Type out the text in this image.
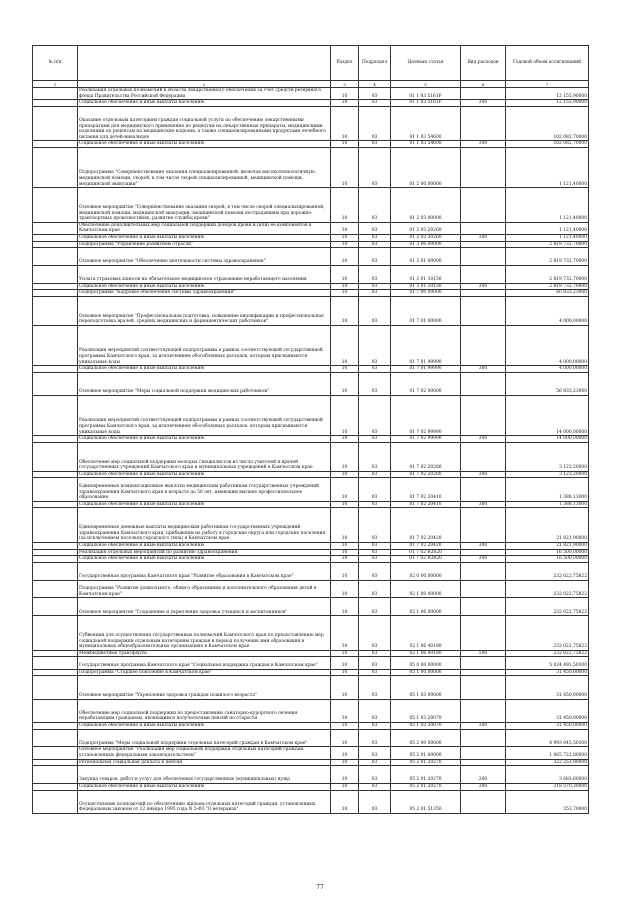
№ п/п		Раздел	Подраздел	Целевая статья	Вид расходов	Годовой объем ассигнований
1	2	3	4	5	6	7
	Реализация отдельных полномочий в области лекарственного обеспечения за счет средств резервного фонда Правительства Российской Федерации	10	03	01 1 03 5161F		12 155,90000
	Социальное обеспечение и иные выплаты населению	10	03	01 1 03 5161F	300	12 155,90000
	Оказание отдельным категориям граждан социальной услуги по обеспечению лекарственными препаратами для медицинского применения по рецептам на лекарственные препараты, медицинскими изделиями по рецептам на медицинские изделия, а также специализированными продуктами лечебного питания для детей-инвалидов	10	03	01 1 03 54600		102 082,70000
	Социальное обеспечение и иные выплаты населению	10	03	01 1 03 54600	300	102 082,70000
	Подпрограмма "Совершенствование оказания специализированной, включая высокотехнологичную, медицинской помощи, скорой, в том числе скорой специализированной, медицинской помощи, медицинской эвакуации"	10	03	01 2 00 00000		1 121,40000
	Основное мероприятие "Совершенствование оказания скорой, в том числе скорой специализированной, медицинской помощи, медицинской эвакуации, медицинской помощи пострадавшим при дорожно-транспортных происшествиях, развитие службы крови"	10	03	01 2 03 00000		1 121,40000
	Обеспечение дополнительных мер социальной поддержки доноров крови и (или) ее компонентов в Камчатском крае	10	03	01 2 03 20260		1 121,40000
	Социальное обеспечение и иные выплаты населению	10	03	01 2 03 20260	300	1 121,40000
	Подпрограмма "Управление развитием отрасли"	10	03	01 3 00 00000		2 819 732,70000
	Основное мероприятие "Обеспечение деятельности системы здравоохранения"	10	03	01 3 01 00000		2 819 732,70000
	Уплата страховых взносов на обязательное медицинское страхование неработающего населения	10	03	01 3 01 10150		2 819 732,70000
	Социальное обеспечение и иные выплаты населению	10	03	01 3 01 10150	300	2 819 732,70000
	Подпрограмма "Кадровое обеспечение системы здравоохранения"	10	03	01 7 00 00000		60 833,23000
	Основное мероприятие "Профессиональная подготовка, повышение квалификации и профессиональная переподготовка врачей, средних медицинских и фармацевтических работников"	10	03	01 7 01 00000		4 000,00000
	Реализация мероприятий соответствующей подпрограммы в рамках соответствующей государственной программы Камчатского края, за исключением обособленных расходов, которым присваиваются уникальные коды	10	03	01 7 01 99990		4 000,00000
	Социальное обеспечение и иные выплаты населению	10	03	01 7 01 99990	300	4 000,00000
	Основное мероприятие "Меры социальной поддержки медицинских работников"	10	03	01 7 02 00000		56 833,23000
	Реализация мероприятий соответствующей подпрограммы в рамках соответствующей государственной программы Камчатского края, за исключением обособленных расходов, которым присваиваются уникальные коды	10	03	01 7 02 99990		14 000,00000
	Социальное обеспечение и иные выплаты населению	10	03	01 7 02 99990	300	14 000,00000
	Обеспечение мер социальной поддержки молодых специалистов из числа учителей и врачей государственных учреждений Камчатского края и муниципальных учреждений в Камчатском крае	10	03	01 7 02 20280		3 123,20000
	Социальное обеспечение и иные выплаты населению	10	03	01 7 02 20280	300	3 123,20000
	Единовременные компенсационные выплаты медицинским работникам государственных учреждений здравоохранения Камчатского края в возрасте до 50 лет, имеющим высшее профессиональное образование	10	03	01 7 02 20410		1 388,13000
	Социальное обеспечение и иные выплаты населению	10	03	01 7 02 20410	300	1 388,13000
	Единовременные денежные выплаты медицинским работникам государственных учреждений здравоохранения Камчатского края, прибывшим на работу в городские округа или городские поселения (за исключением поселков городского типа) в Камчатском крае	10	03	01 7 02 20420		21 821,90000
	Социальное обеспечение и иные выплаты населению	10	03	01 7 02 20420	300	21 821,90000
	Реализация отдельных мероприятий по развитию здравоохранения	10	03	01 7 02 R3820		16 500,00000
	Социальное обеспечение и иные выплаты населению	10	03	01 7 02 R3820	300	16 500,00000
	Государственная программа Камчатского края "Развитие образования в Камчатском крае"	10	03	02 0 00 00000		232 022,75822
	Подпрограмма "Развитие дошкольного, общего образования и дополнительного образования детей в Камчатском крае"	10	03	02 1 00 00000		232 022,75822
	Основное мероприятие "Сохранение и укрепление здоровья учащихся и воспитанников"	10	03	02 1 06 00000		232 022,75822
	Субвенции для осуществления государственных полномочий Камчатского края по предоставлению мер социальной поддержки отдельным категориям граждан в период получения ими образования в муниципальных общеобразовательных организациях в Камчатском крае	10	03	02 1 06 40180		232 022,75822
	Межбюджетные трансферты	10	03	02 1 06 40180	500	232 022,75822
	Государственная программа Камчатского края "Социальная поддержка граждан в Камчатском крае"	10	03	05 0 00 00000		5 024 493,50300
	Подпрограмма "Старшее поколение в Камчатском крае"	10	03	05 1 00 00000		31 450,00000
	Основное мероприятие "Укрепление здоровья граждан пожилого возраста"	10	03	05 1 03 00000		31 450,00000
	Обеспечение мер социальной поддержки по предоставлению санаторно-курортного лечения неработающим гражданам, являющимся получателями пенсий по старости	10	03	05 1 03 20070		31 450,00000
	Социальное обеспечение и иные выплаты населению	10	03	05 1 03 20070	300	31 450,00000
	Подпрограмма "Меры социальной поддержки отдельных категорий граждан в Камчатском крае"	10	03	05 2 00 00000		4 993 043,50300
	Основное мероприятие "Реализация мер социальной поддержки отдельных категорий граждан, установленных федеральным законодательством"	10	03	05 2 01 00000		1 065 722,80000
	Региональная социальная доплата к пенсии	10	03	05 2 01 20270		322 253,90000
	Закупка товаров, работ и услуг для обеспечения государственных (муниципальных) нужд	10	03	05 2 01 20270	200	3 683,60000
	Социальное обеспечение и иные выплаты населению	10	03	05 2 01 20270	300	318 570,30000
	Осуществление полномочий по обеспечению жильем отдельных категорий граждан, установленных Федеральным законом от 12 января 1995 года N 5-ФЗ "О ветеранах"	10	03	05 2 01 51350		353,70000
77
